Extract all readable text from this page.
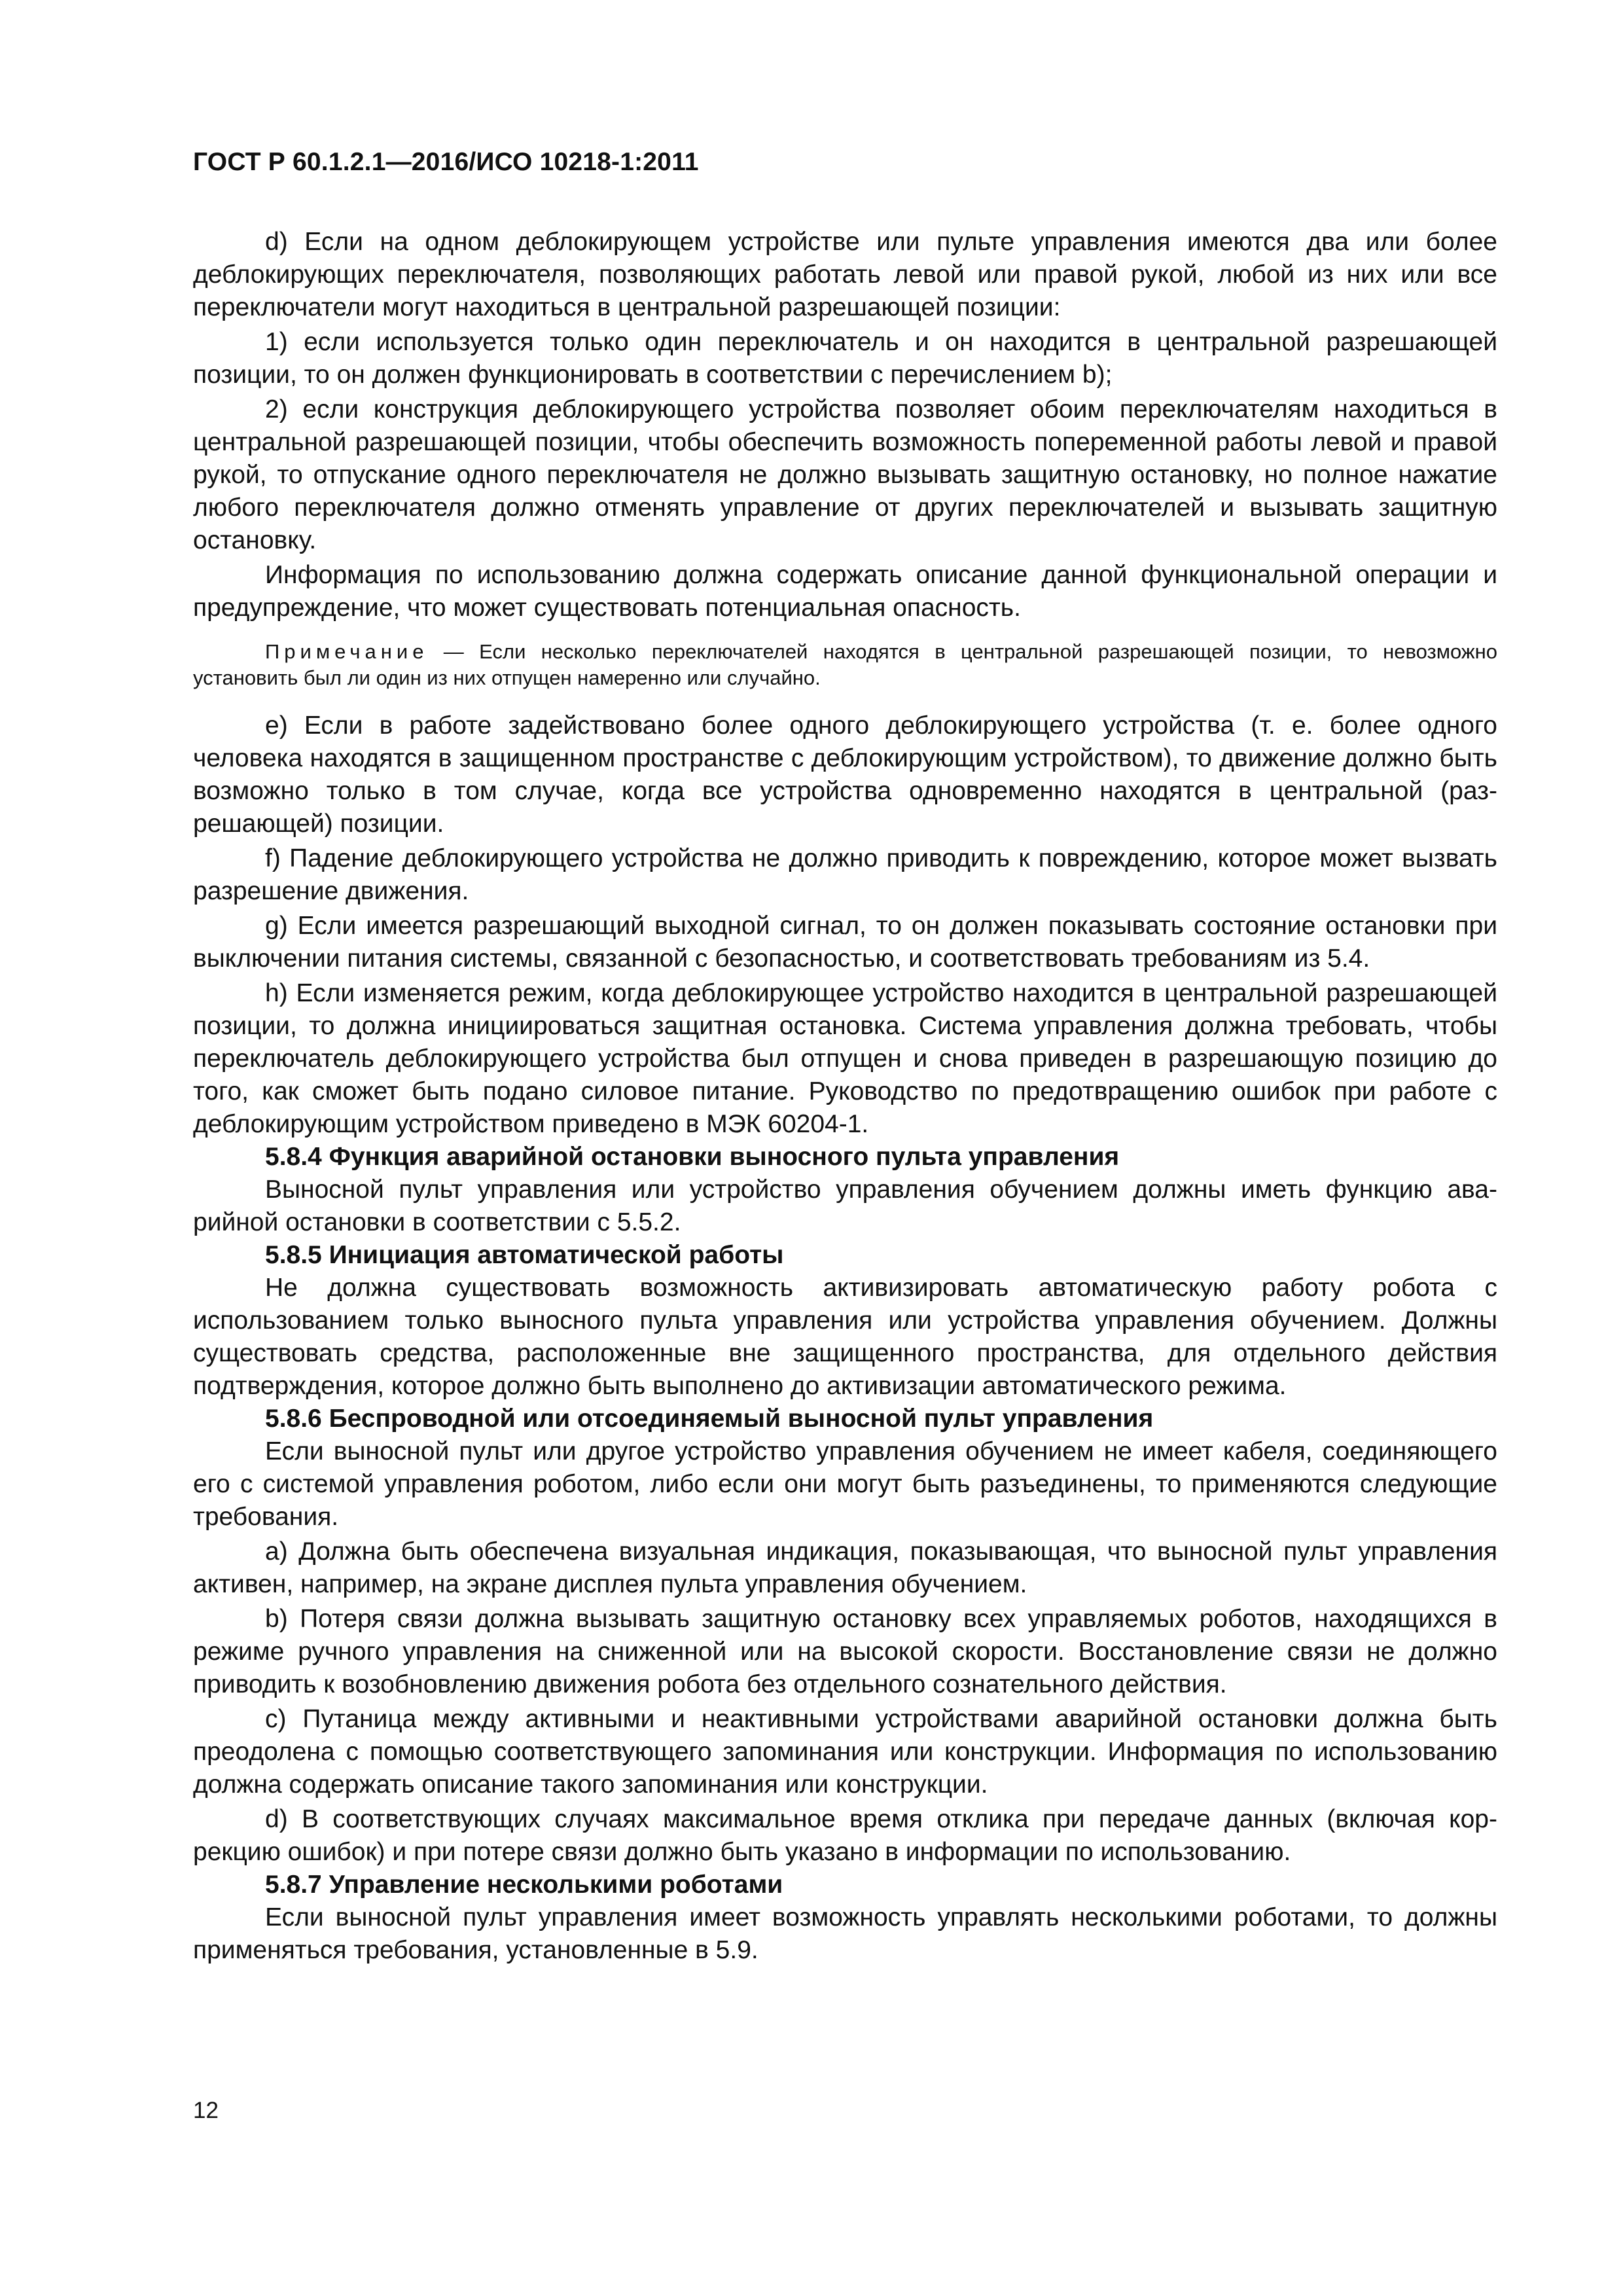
ГОСТ Р 60.1.2.1—2016/ИСО 10218-1:2011

d) Если на одном деблокирующем устройстве или пульте управления имеются два или более деблокирующих переключателя, позволяющих работать левой или правой рукой, любой из них или все переключатели могут находиться в центральной разрешающей позиции:

1) если используется только один переключатель и он находится в центральной разрешающей позиции, то он должен функционировать в соответствии с перечислением b);

2) если конструкция деблокирующего устройства позволяет обоим переключателям находиться в центральной разрешающей позиции, чтобы обеспечить возможность попеременной работы левой и правой рукой, то отпускание одного переключателя не должно вызывать защитную остановку, но полное нажатие любого переключателя должно отменять управление от других переключателей и вызывать защитную остановку.

Информация по использованию должна содержать описание данной функциональной операции и предупреждение, что может существовать потенциальная опасность.

Примечание — Если несколько переключателей находятся в центральной разрешающей позиции, то невозможно установить был ли один из них отпущен намеренно или случайно.

e) Если в работе задействовано более одного деблокирующего устройства (т. е. более одного человека находятся в защищенном пространстве с деблокирующим устройством), то движение должно быть возможно только в том случае, когда все устройства одновременно находятся в центральной (разрешающей) позиции.

f) Падение деблокирующего устройства не должно приводить к повреждению, которое может вызвать разрешение движения.

g) Если имеется разрешающий выходной сигнал, то он должен показывать состояние остановки при выключении питания системы, связанной с безопасностью, и соответствовать требованиям из 5.4.

h) Если изменяется режим, когда деблокирующее устройство находится в центральной разрешающей позиции, то должна инициироваться защитная остановка. Система управления должна требовать, чтобы переключатель деблокирующего устройства был отпущен и снова приведен в разрешающую позицию до того, как сможет быть подано силовое питание. Руководство по предотвращению ошибок при работе с деблокирующим устройством приведено в МЭК 60204-1.

5.8.4 Функция аварийной остановки выносного пульта управления

Выносной пульт управления или устройство управления обучением должны иметь функцию аварийной остановки в соответствии с 5.5.2.

5.8.5 Инициация автоматической работы

Не должна существовать возможность активизировать автоматическую работу робота с использованием только выносного пульта управления или устройства управления обучением. Должны существовать средства, расположенные вне защищенного пространства, для отдельного действия подтверждения, которое должно быть выполнено до активизации автоматического режима.

5.8.6 Беспроводной или отсоединяемый выносной пульт управления

Если выносной пульт или другое устройство управления обучением не имеет кабеля, соединяющего его с системой управления роботом, либо если они могут быть разъединены, то применяются следующие требования.

a) Должна быть обеспечена визуальная индикация, показывающая, что выносной пульт управления активен, например, на экране дисплея пульта управления обучением.

b) Потеря связи должна вызывать защитную остановку всех управляемых роботов, находящихся в режиме ручного управления на сниженной или на высокой скорости. Восстановление связи не должно приводить к возобновлению движения робота без отдельного сознательного действия.

c) Путаница между активными и неактивными устройствами аварийной остановки должна быть преодолена с помощью соответствующего запоминания или конструкции. Информация по использованию должна содержать описание такого запоминания или конструкции.

d) В соответствующих случаях максимальное время отклика при передаче данных (включая коррекцию ошибок) и при потере связи должно быть указано в информации по использованию.

5.8.7 Управление несколькими роботами

Если выносной пульт управления имеет возможность управлять несколькими роботами, то должны применяться требования, установленные в 5.9.

12
